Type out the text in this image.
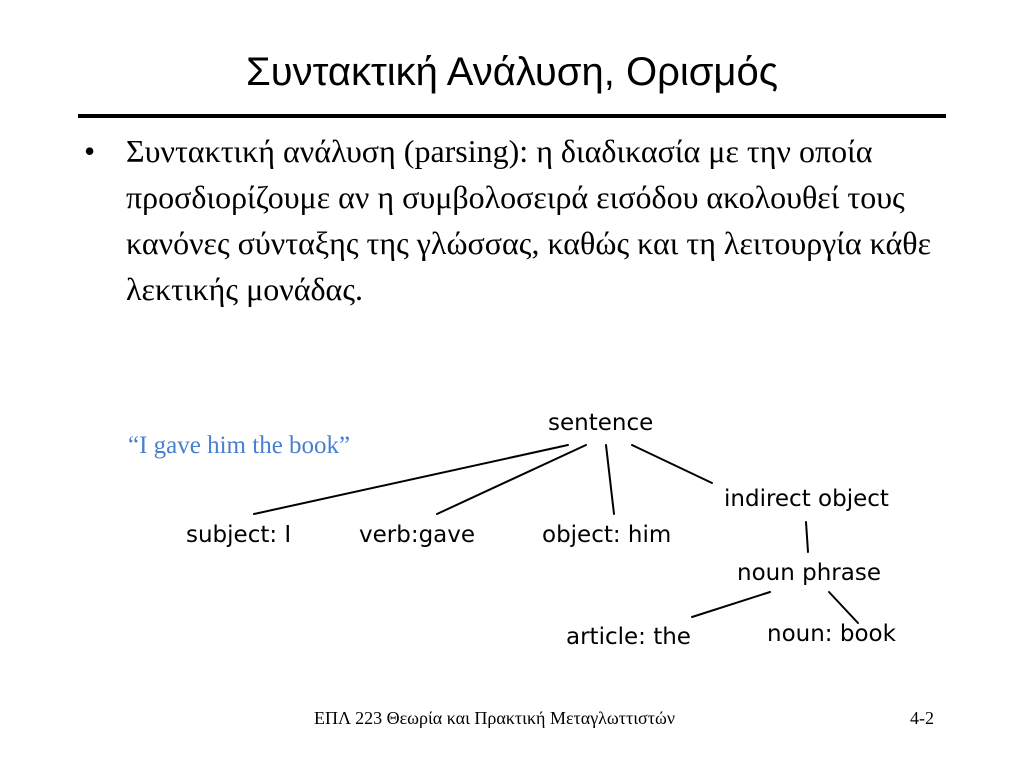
Συντακτική Ανάλυση, Ορισμός
• Συντακτική ανάλυση (parsing): η διαδικασία με την οποία προσδιορίζουμε αν η συμβολοσειρά εισόδου ακολουθεί τους κανόνες σύνταξης της γλώσσας, καθώς και τη λειτουργία κάθε λεκτικής μονάδας.
“I gave him the book”
sentence
subject: I	verb:gave	object: him
indirect object
noun phrase
article: the	noun: book
ΕΠΛ 223 Θεωρία και Πρακτική Μεταγλωττιστών	4-2
